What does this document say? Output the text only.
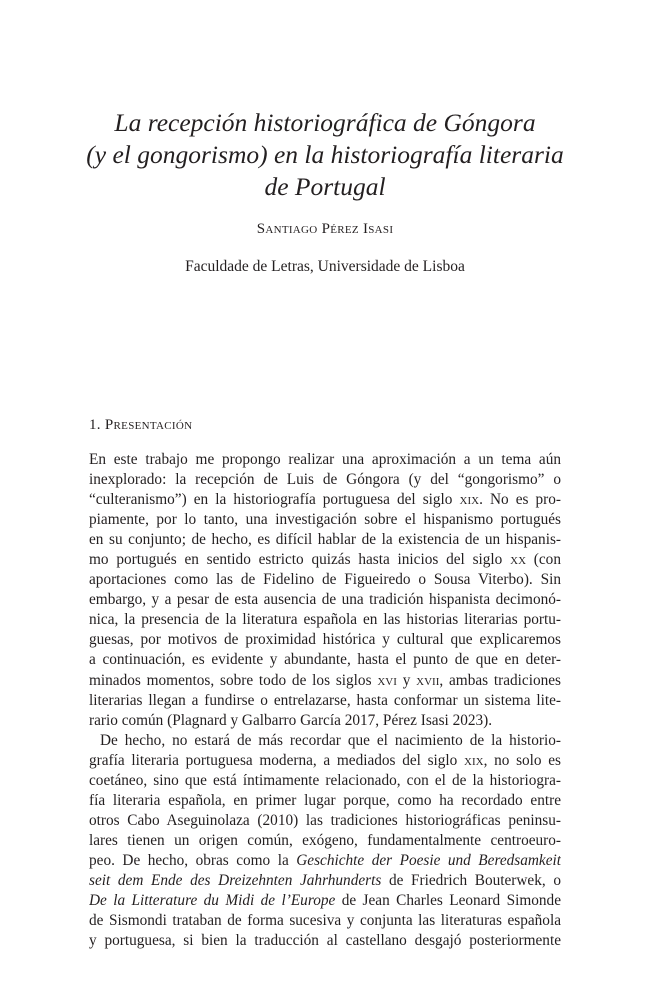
La recepción historiográfica de Góngora
(y el gongorismo) en la historiografía literaria
de Portugal
Santiago Pérez Isasi
Faculdade de Letras, Universidade de Lisboa
1. Presentación
En este trabajo me propongo realizar una aproximación a un tema aún
inexplorado: la recepción de Luis de Góngora (y del “gongorismo” o
“culteranismo”) en la historiografía portuguesa del siglo xix. No es pro-
piamente, por lo tanto, una investigación sobre el hispanismo portugués
en su conjunto; de hecho, es difícil hablar de la existencia de un hispanis-
mo portugués en sentido estricto quizás hasta inicios del siglo xx (con
aportaciones como las de Fidelino de Figueiredo o Sousa Viterbo). Sin
embargo, y a pesar de esta ausencia de una tradición hispanista decimonó-
nica, la presencia de la literatura española en las historias literarias portu-
guesas, por motivos de proximidad histórica y cultural que explicaremos
a continuación, es evidente y abundante, hasta el punto de que en deter-
minados momentos, sobre todo de los siglos xvi y xvii, ambas tradiciones
literarias llegan a fundirse o entrelazarse, hasta conformar un sistema lite-
rario común (Plagnard y Galbarro García 2017, Pérez Isasi 2023).
De hecho, no estará de más recordar que el nacimiento de la historio-
grafía literaria portuguesa moderna, a mediados del siglo xix, no solo es
coetáneo, sino que está íntimamente relacionado, con el de la historiogra-
fía literaria española, en primer lugar porque, como ha recordado entre
otros Cabo Aseguinolaza (2010) las tradiciones historiográficas peninsu-
lares tienen un origen común, exógeno, fundamentalmente centroeuro-
peo. De hecho, obras como la Geschichte der Poesie und Beredsamkeit
seit dem Ende des Dreizehnten Jahrhunderts de Friedrich Bouterwek, o
De la Litterature du Midi de l’Europe de Jean Charles Leonard Simonde
de Sismondi trataban de forma sucesiva y conjunta las literaturas española
y portuguesa, si bien la traducción al castellano desgajó posteriormente
